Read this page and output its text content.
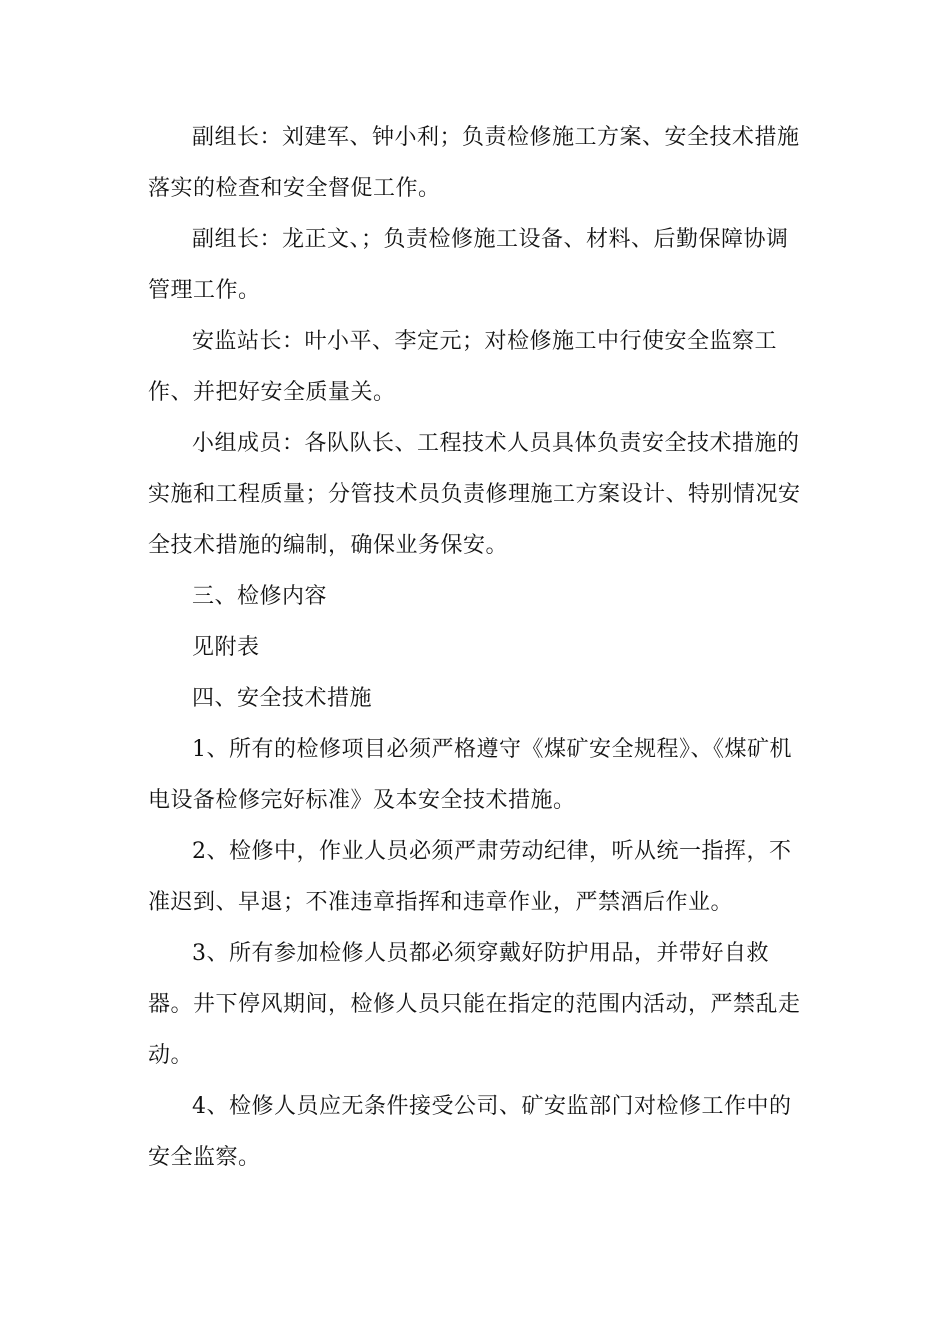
副组长：刘建军、钟小利；负责检修施工方案、安全技术措施落实的检查和安全督促工作。

副组长：龙正文、；负责检修施工设备、材料、后勤保障协调管理工作。

安监站长：叶小平、李定元；对检修施工中行使安全监察工作、并把好安全质量关。

小组成员：各队队长、工程技术人员具体负责安全技术措施的实施和工程质量；分管技术员负责修理施工方案设计、特别情况安全技术措施的编制，确保业务保安。

三、检修内容

见附表

四、安全技术措施

1、所有的检修项目必须严格遵守《煤矿安全规程》、《煤矿机电设备检修完好标准》及本安全技术措施。

2、检修中，作业人员必须严肃劳动纪律，听从统一指挥，不准迟到、早退；不准违章指挥和违章作业，严禁酒后作业。

3、所有参加检修人员都必须穿戴好防护用品，并带好自救器。井下停风期间，检修人员只能在指定的范围内活动，严禁乱走动。

4、检修人员应无条件接受公司、矿安监部门对检修工作中的安全监察。
